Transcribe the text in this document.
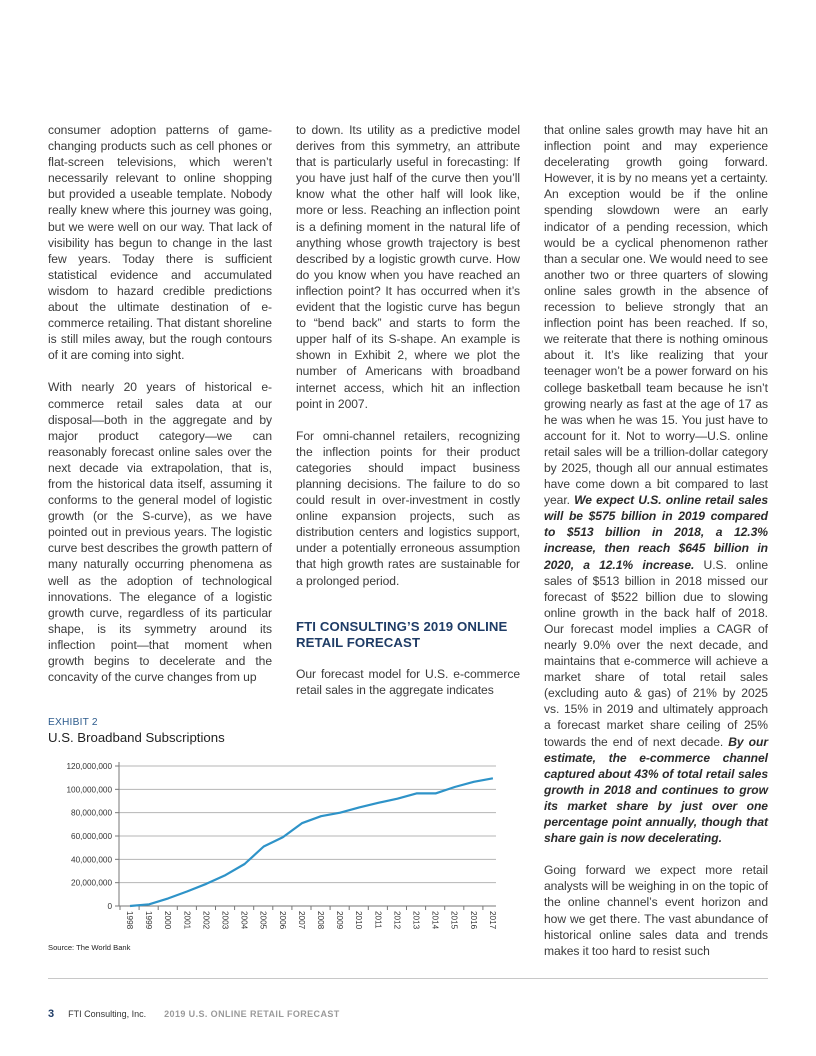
consumer adoption patterns of game-changing products such as cell phones or flat-screen televisions, which weren’t necessarily relevant to online shopping but provided a useable template. Nobody really knew where this journey was going, but we were well on our way. That lack of visibility has begun to change in the last few years. Today there is sufficient statistical evidence and accumulated wisdom to hazard credible predictions about the ultimate destination of e-commerce retailing. That distant shoreline is still miles away, but the rough contours of it are coming into sight.

With nearly 20 years of historical e-commerce retail sales data at our disposal—both in the aggregate and by major product category—we can reasonably forecast online sales over the next decade via extrapolation, that is, from the historical data itself, assuming it conforms to the general model of logistic growth (or the S-curve), as we have pointed out in previous years. The logistic curve best describes the growth pattern of many naturally occurring phenomena as well as the adoption of technological innovations. The elegance of a logistic growth curve, regardless of its particular shape, is its symmetry around its inflection point—that moment when growth begins to decelerate and the concavity of the curve changes from up

to down. Its utility as a predictive model derives from this symmetry, an attribute that is particularly useful in forecasting: If you have just half of the curve then you’ll know what the other half will look like, more or less. Reaching an inflection point is a defining moment in the natural life of anything whose growth trajectory is best described by a logistic growth curve. How do you know when you have reached an inflection point? It has occurred when it’s evident that the logistic curve has begun to “bend back” and starts to form the upper half of its S-shape. An example is shown in Exhibit 2, where we plot the number of Americans with broadband internet access, which hit an inflection point in 2007.

For omni-channel retailers, recognizing the inflection points for their product categories should impact business planning decisions. The failure to do so could result in over-investment in costly online expansion projects, such as distribution centers and logistics support, under a potentially erroneous assumption that high growth rates are sustainable for a prolonged period.

FTI CONSULTING’S 2019 ONLINE RETAIL FORECAST

Our forecast model for U.S. e-commerce retail sales in the aggregate indicates

that online sales growth may have hit an inflection point and may experience decelerating growth going forward. However, it is by no means yet a certainty. An exception would be if the online spending slowdown were an early indicator of a pending recession, which would be a cyclical phenomenon rather than a secular one. We would need to see another two or three quarters of slowing online sales growth in the absence of recession to believe strongly that an inflection point has been reached. If so, we reiterate that there is nothing ominous about it. It’s like realizing that your teenager won’t be a power forward on his college basketball team because he isn’t growing nearly as fast at the age of 17 as he was when he was 15. You just have to account for it. Not to worry—U.S. online retail sales will be a trillion-dollar category by 2025, though all our annual estimates have come down a bit compared to last year. We expect U.S. online retail sales will be $575 billion in 2019 compared to $513 billion in 2018, a 12.3% increase, then reach $645 billion in 2020, a 12.1% increase. U.S. online sales of $513 billion in 2018 missed our forecast of $522 billion due to slowing online growth in the back half of 2018. Our forecast model implies a CAGR of nearly 9.0% over the next decade, and maintains that e-commerce will achieve a market share of total retail sales (excluding auto & gas) of 21% by 2025 vs. 15% in 2019 and ultimately approach a forecast market share ceiling of 25% towards the end of next decade. By our estimate, the e-commerce channel captured about 43% of total retail sales growth in 2018 and continues to grow its market share by just over one percentage point annually, though that share gain is now decelerating.

Going forward we expect more retail analysts will be weighing in on the topic of the online channel’s event horizon and how we get there. The vast abundance of historical online sales data and trends makes it too hard to resist such

EXHIBIT 2
U.S. Broadband Subscriptions
0
20,000,000
40,000,000
60,000,000
80,000,000
100,000,000
120,000,000
1998 1999 2000 2001 2002 2003 2004 2005 2006 2007 2008 2009 2010 2011 2012 2013 2014 2015 2016 2017
Source: The World Bank
3 FTI Consulting, Inc. 2019 U.S. ONLINE RETAIL FORECAST
